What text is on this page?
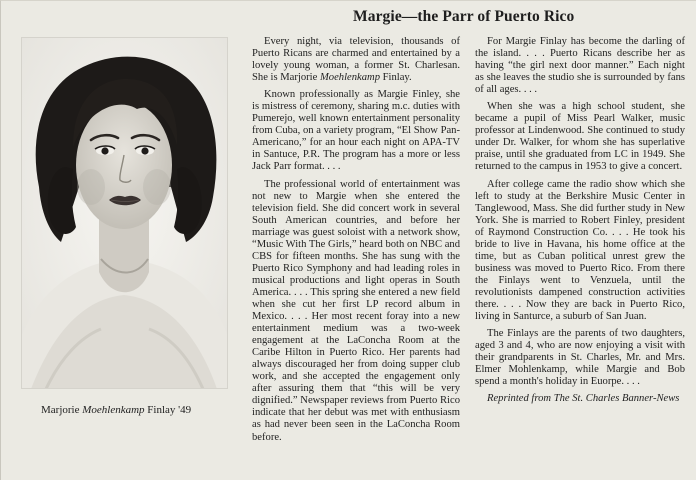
Margie—the Parr of Puerto Rico
Marjorie Moehlenkamp Finlay '49

Every night, via television, thousands of Puerto Ricans are charmed and entertained by a lovely young woman, a former St. Charlesan. She is Marjorie Moehlenkamp Finlay.

Known professionally as Margie Finley, she is mistress of ceremony, sharing m.c. duties with Pumerejo, well known entertainment personality from Cuba, on a variety program, “El Show Pan-Americano,” for an hour each night on APA-TV in Santuce, P.R. The program has a more or less Jack Parr format. . . .

The professional world of entertainment was not new to Margie when she entered the television field. She did concert work in several South American countries, and before her marriage was guest soloist with a network show, “Music With The Girls,” heard both on NBC and CBS for fifteen months. She has sung with the Puerto Rico Symphony and had leading roles in musical productions and light operas in South America. . . . This spring she entered a new field when she cut her first LP record album in Mexico. . . . Her most recent foray into a new entertainment medium was a two-week engagement at the LaConcha Room at the Caribe Hilton in Puerto Rico. Her parents had always discouraged her from doing supper club work, and she accepted the engagement only after assuring them that “this will be very dignified.” Newspaper reviews from Puerto Rico indicate that her debut was met with enthusiasm as had never been seen in the LaConcha Room before.

For Margie Finlay has become the darling of the island. . . . Puerto Ricans describe her as having “the girl next door manner.” Each night as she leaves the studio she is surrounded by fans of all ages. . . .

When she was a high school student, she became a pupil of Miss Pearl Walker, music professor at Lindenwood. She continued to study under Dr. Walker, for whom she has superlative praise, until she graduated from LC in 1949. She returned to the campus in 1953 to give a concert.

After college came the radio show which she left to study at the Berkshire Music Center in Tanglewood, Mass. She did further study in New York. She is married to Robert Finley, president of Raymond Construction Co. . . . He took his bride to live in Havana, his home office at the time, but as Cuban political unrest grew the business was moved to Puerto Rico. From there the Finlays went to Venzuela, until the revolutionists dampened construction activities there. . . . Now they are back in Puerto Rico, living in Santurce, a suburb of San Juan.

The Finlays are the parents of two daughters, aged 3 and 4, who are now enjoying a visit with their grandparents in St. Charles, Mr. and Mrs. Elmer Mohlenkamp, while Margie and Bob spend a month's holiday in Euorpe. . . .

Reprinted from The St. Charles Banner-News
